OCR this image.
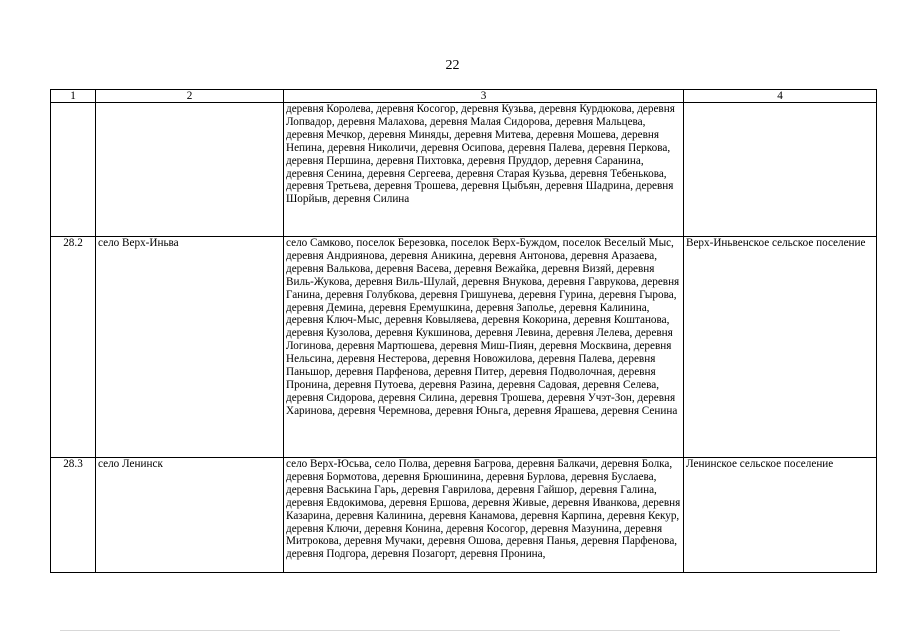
22
1	2	3	4
		деревня Королева, деревня Косогор, деревня Кузьва, деревня Курдюкова, деревня Лопвадор, деревня Малахова, деревня Малая Сидорова, деревня Мальцева, деревня Мечкор, деревня Миняды, деревня Митева, деревня Мошева, деревня Непина, деревня Николичи, деревня Осипова, деревня Палева, деревня Перкова, деревня Першина, деревня Пихтовка, деревня Пруддор, деревня Саранина, деревня Сенина, деревня Сергеева, деревня Старая Кузьва, деревня Тебенькова, деревня Третьева, деревня Трошева, деревня Цыбъян, деревня Шадрина, деревня Шорйыв, деревня Силина	
28.2	село Верх-Иньва	село Самково, поселок Березовка, поселок Верх-Буждом, поселок Веселый Мыс, деревня Андриянова, деревня Аникина, деревня Антонова, деревня Аразаева, деревня Валькова, деревня Васева, деревня Вежайка, деревня Визяй, деревня Виль-Жукова, деревня Виль-Шулай, деревня Внукова, деревня Гаврукова, деревня Ганина, деревня Голубкова, деревня Гришунева, деревня Гурина, деревня Гырова, деревня Демина, деревня Еремушкина, деревня Заполье, деревня Калинина, деревня Ключ-Мыс, деревня Ковыляева, деревня Кокорина, деревня Коштанова, деревня Кузолова, деревня Кукшинова, деревня Левина, деревня Лелева, деревня Логинова, деревня Мартюшева, деревня Миш-Пиян, деревня Москвина, деревня Нельсина, деревня Нестерова, деревня Новожилова, деревня Палева, деревня Паньшор, деревня Парфенова, деревня Питер, деревня Подволочная, деревня Пронина, деревня Путоева, деревня Разина, деревня Садовая, деревня Селева, деревня Сидорова, деревня Силина, деревня Трошева, деревня Учэт-Зон, деревня Харинова, деревня Черемнова, деревня Юньга, деревня Ярашева, деревня Сенина	Верх-Иньвенское сельское поселение
28.3	село Ленинск	село Верх-Юсьва, село Полва, деревня Багрова, деревня Балкачи, деревня Болка, деревня Бормотова, деревня Брюшинина, деревня Бурлова, деревня Буслаева, деревня Васькина Гарь, деревня Гаврилова, деревня Гайшор, деревня Галина, деревня Евдокимова, деревня Ершова, деревня Живые, деревня Иванкова, деревня Казарина, деревня Калинина, деревня Канамова, деревня Карпина, деревня Кекур, деревня Ключи, деревня Конина, деревня Косогор, деревня Мазунина, деревня Митрокова, деревня Мучаки, деревня Ошова, деревня Панья, деревня Парфенова, деревня Подгора, деревня Позагорт, деревня Пронина,	Ленинское сельское поселение
